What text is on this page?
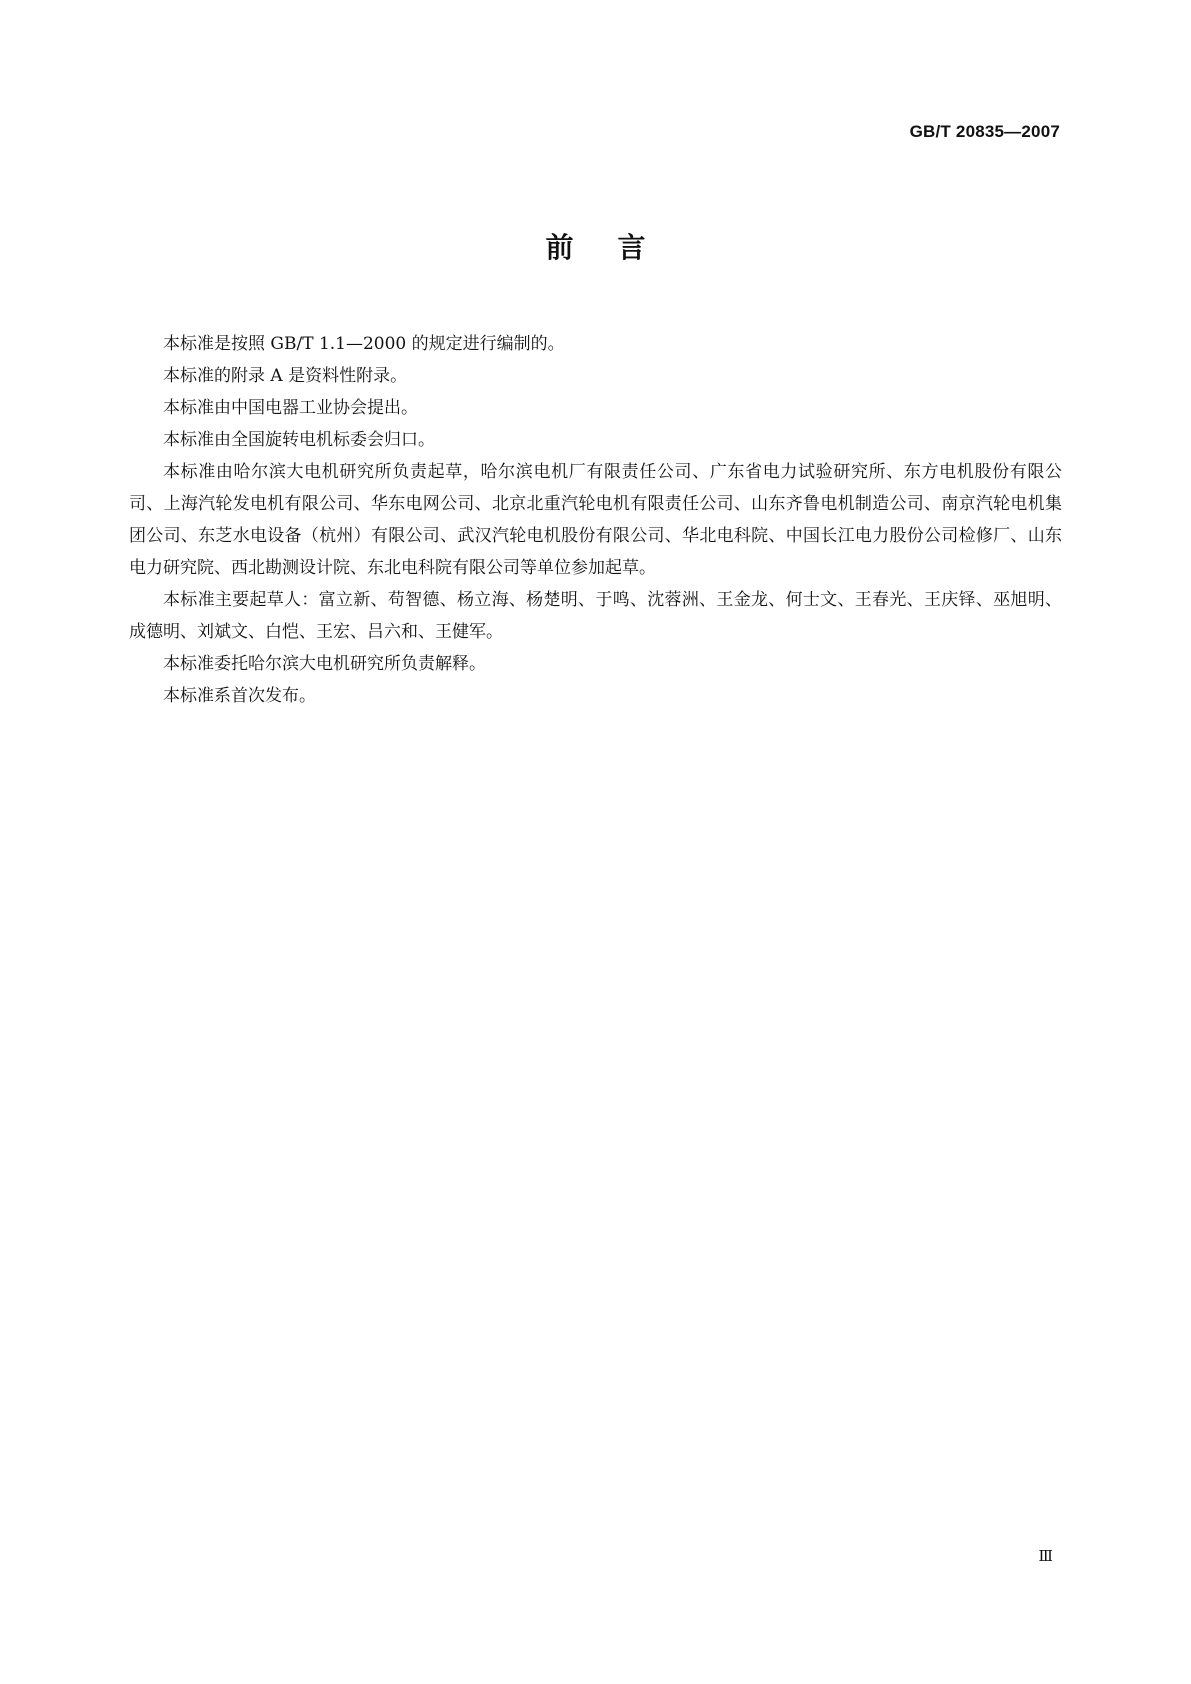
GB/T 20835—2007
前言

本标准是按照 GB/T 1.1—2000 的规定进行编制的。

本标准的附录 A 是资料性附录。

本标准由中国电器工业协会提出。

本标准由全国旋转电机标委会归口。

本标准由哈尔滨大电机研究所负责起草，哈尔滨电机厂有限责任公司、广东省电力试验研究所、东方电机股份有限公司、上海汽轮发电机有限公司、华东电网公司、北京北重汽轮电机有限责任公司、山东齐鲁电机制造公司、南京汽轮电机集团公司、东芝水电设备（杭州）有限公司、武汉汽轮电机股份有限公司、华北电科院、中国长江电力股份公司检修厂、山东电力研究院、西北勘测设计院、东北电科院有限公司等单位参加起草。

本标准主要起草人：富立新、苟智德、杨立海、杨楚明、于鸣、沈蓉洲、王金龙、何士文、王春光、王庆铎、巫旭明、成德明、刘斌文、白恺、王宏、吕六和、王健军。

本标准委托哈尔滨大电机研究所负责解释。

本标准系首次发布。

Ⅲ
